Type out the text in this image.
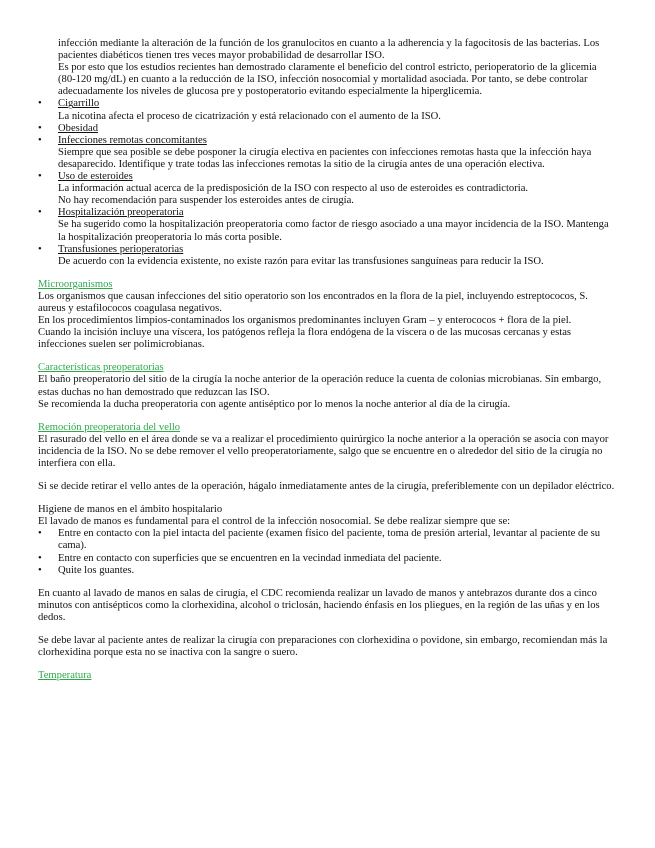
infección mediante la alteración de la función de los granulocitos en cuanto a la adherencia y la fagocitosis de las bacterias. Los pacientes diabéticos tienen tres veces mayor probabilidad de desarrollar ISO.

Es por esto que los estudios recientes han demostrado claramente el beneficio del control estricto, perioperatorio de la glicemia (80-120 mg/dL) en cuanto a la reducción de la ISO, infección nosocomial y mortalidad asociada. Por tanto, se debe controlar adecuadamente los niveles de glucosa pre y postoperatorio evitando especialmente la hiperglicemia.

•	Cigarrillo

La nicotina afecta el proceso de cicatrización y está relacionado con el aumento de la ISO.

•	Obesidad

•	Infecciones remotas concomitantes

Siempre que sea posible se debe posponer la cirugía electiva en pacientes con infecciones remotas hasta que la infección haya desaparecido. Identifique y trate todas las infecciones remotas la sitio de la cirugía antes de una operación electiva.

•	Uso de esteroides

La información actual acerca de la predisposición de la ISO con respecto al uso de esteroides es contradictoria.

No hay recomendación para suspender los esteroides antes de cirugía.

•	Hospitalización preoperatoria

Se ha sugerido como la hospitalización preoperatoria como factor de riesgo asociado a una mayor incidencia de la ISO. Mantenga la hospitalización preoperatoria lo más corta posible.

•	Transfusiones perioperatorias

De acuerdo con la evidencia existente, no existe razón para evitar las transfusiones sanguíneas para reducir la ISO.

Microorganismos

Los organismos que causan infecciones del sitio operatorio son los encontrados en la flora de la piel, incluyendo estreptococos, S. aureus y estafilococos coagulasa negativos.

En los procedimientos limpios-contaminados los organismos predominantes incluyen Gram – y enterococos + flora de la piel.

Cuando la incisión incluye una víscera, los patógenos refleja la flora endógena de la víscera o de las mucosas cercanas y estas infecciones suelen ser polimicrobianas.

Características preoperatorias

El baño preoperatorio del sitio de la cirugía la noche anterior de la operación reduce la cuenta de colonias microbianas. Sin embargo, estas duchas no han demostrado que reduzcan las ISO.

Se recomienda la ducha preoperatoria con agente antiséptico por lo menos la noche anterior al día de la cirugía.

Remoción preoperatoria del vello

El rasurado del vello en el área donde se va a realizar el procedimiento quirúrgico la noche anterior a la operación se asocia con mayor incidencia de la ISO. No se debe remover el vello preoperatoriamente, salgo que se encuentre en o alrededor del sitio de la cirugía no interfiera con ella.

Si se decide retirar el vello antes de la operación, hágalo inmediatamente antes de la cirugía, preferiblemente con un depilador eléctrico.

Higiene de manos en el ámbito hospitalario

El lavado de manos es fundamental para el control de la infección nosocomial. Se debe realizar siempre que se:

• Entre en contacto con la piel intacta del paciente (examen físico del paciente, toma de presión arterial, levantar al paciente de su cama).
• Entre en contacto con superficies que se encuentren en la vecindad inmediata del paciente.
• Quite los guantes.

En cuanto al lavado de manos en salas de cirugía, el CDC recomienda realizar un lavado de manos y antebrazos durante dos a cinco minutos con antisépticos como la clorhexidina, alcohol o triclosán, haciendo énfasis en los pliegues, en la región de las uñas y en los dedos.

Se debe lavar al paciente antes de realizar la cirugía con preparaciones con clorhexidina o povidone, sin embargo, recomiendan más la clorhexidina porque esta no se inactiva con la sangre o suero.

Temperatura
